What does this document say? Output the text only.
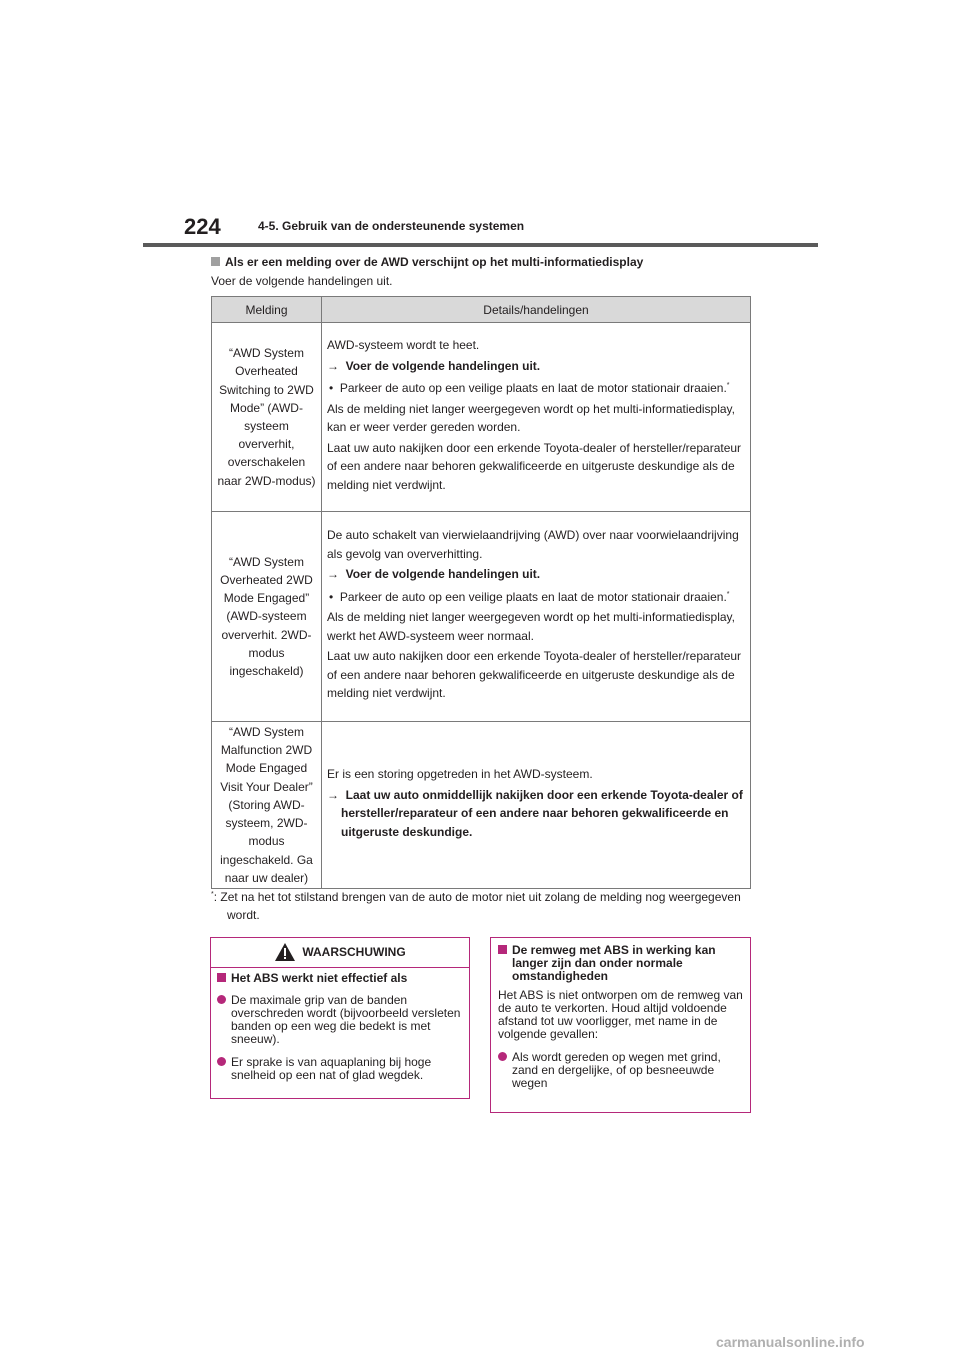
224	4-5. Gebruik van de ondersteunende systemen
Als er een melding over de AWD verschijnt op het multi-informatiedisplay
Voer de volgende handelingen uit.
Melding	Details/handelingen
“AWD System Overheated Switching to 2WD Mode” (AWD-systeem oververhit, overschakelen naar 2WD-modus)	AWD-systeem wordt te heet.
→  Voer de volgende handelingen uit.
•  Parkeer de auto op een veilige plaats en laat de motor stationair draaien.*
Als de melding niet langer weergegeven wordt op het multi-informatiedisplay, kan er weer verder gereden worden.
Laat uw auto nakijken door een erkende Toyota-dealer of hersteller/reparateur of een andere naar behoren gekwalificeerde en uitgeruste deskundige als de melding niet verdwijnt.

“AWD System Overheated 2WD Mode Engaged” (AWD-systeem oververhit. 2WD-modus ingeschakeld)	De auto schakelt van vierwielaandrijving (AWD) over naar voorwielaandrijving als gevolg van oververhitting.
→  Voer de volgende handelingen uit.
•  Parkeer de auto op een veilige plaats en laat de motor stationair draaien.*
Als de melding niet langer weergegeven wordt op het multi-informatiedisplay, werkt het AWD-systeem weer normaal.
Laat uw auto nakijken door een erkende Toyota-dealer of hersteller/reparateur of een andere naar behoren gekwalificeerde en uitgeruste deskundige als de melding niet verdwijnt.

“AWD System Malfunction 2WD Mode Engaged Visit Your Dealer” (Storing AWD-systeem, 2WD-modus ingeschakeld. Ga naar uw dealer)	Er is een storing opgetreden in het AWD-systeem.
→  Laat uw auto onmiddellijk nakijken door een erkende Toyota-dealer of hersteller/reparateur of een andere naar behoren gekwalificeerde en uitgeruste deskundige.
*: Zet na het tot stilstand brengen van de auto de motor niet uit zolang de melding nog weergegeven wordt.
WAARSCHUWING

Het ABS werkt niet effectief als

De maximale grip van de banden overschreden wordt (bijvoorbeeld versleten banden op een weg die bedekt is met sneeuw).
Er sprake is van aquaplaning bij hoge snelheid op een nat of glad wegdek.

De remweg met ABS in werking kan langer zijn dan onder normale omstandigheden

Het ABS is niet ontworpen om de remweg van de auto te verkorten. Houd altijd voldoende afstand tot uw voorligger, met name in de volgende gevallen:
Als wordt gereden op wegen met grind, zand en dergelijke, of op besneeuwde wegen
carmanualsonline.info
